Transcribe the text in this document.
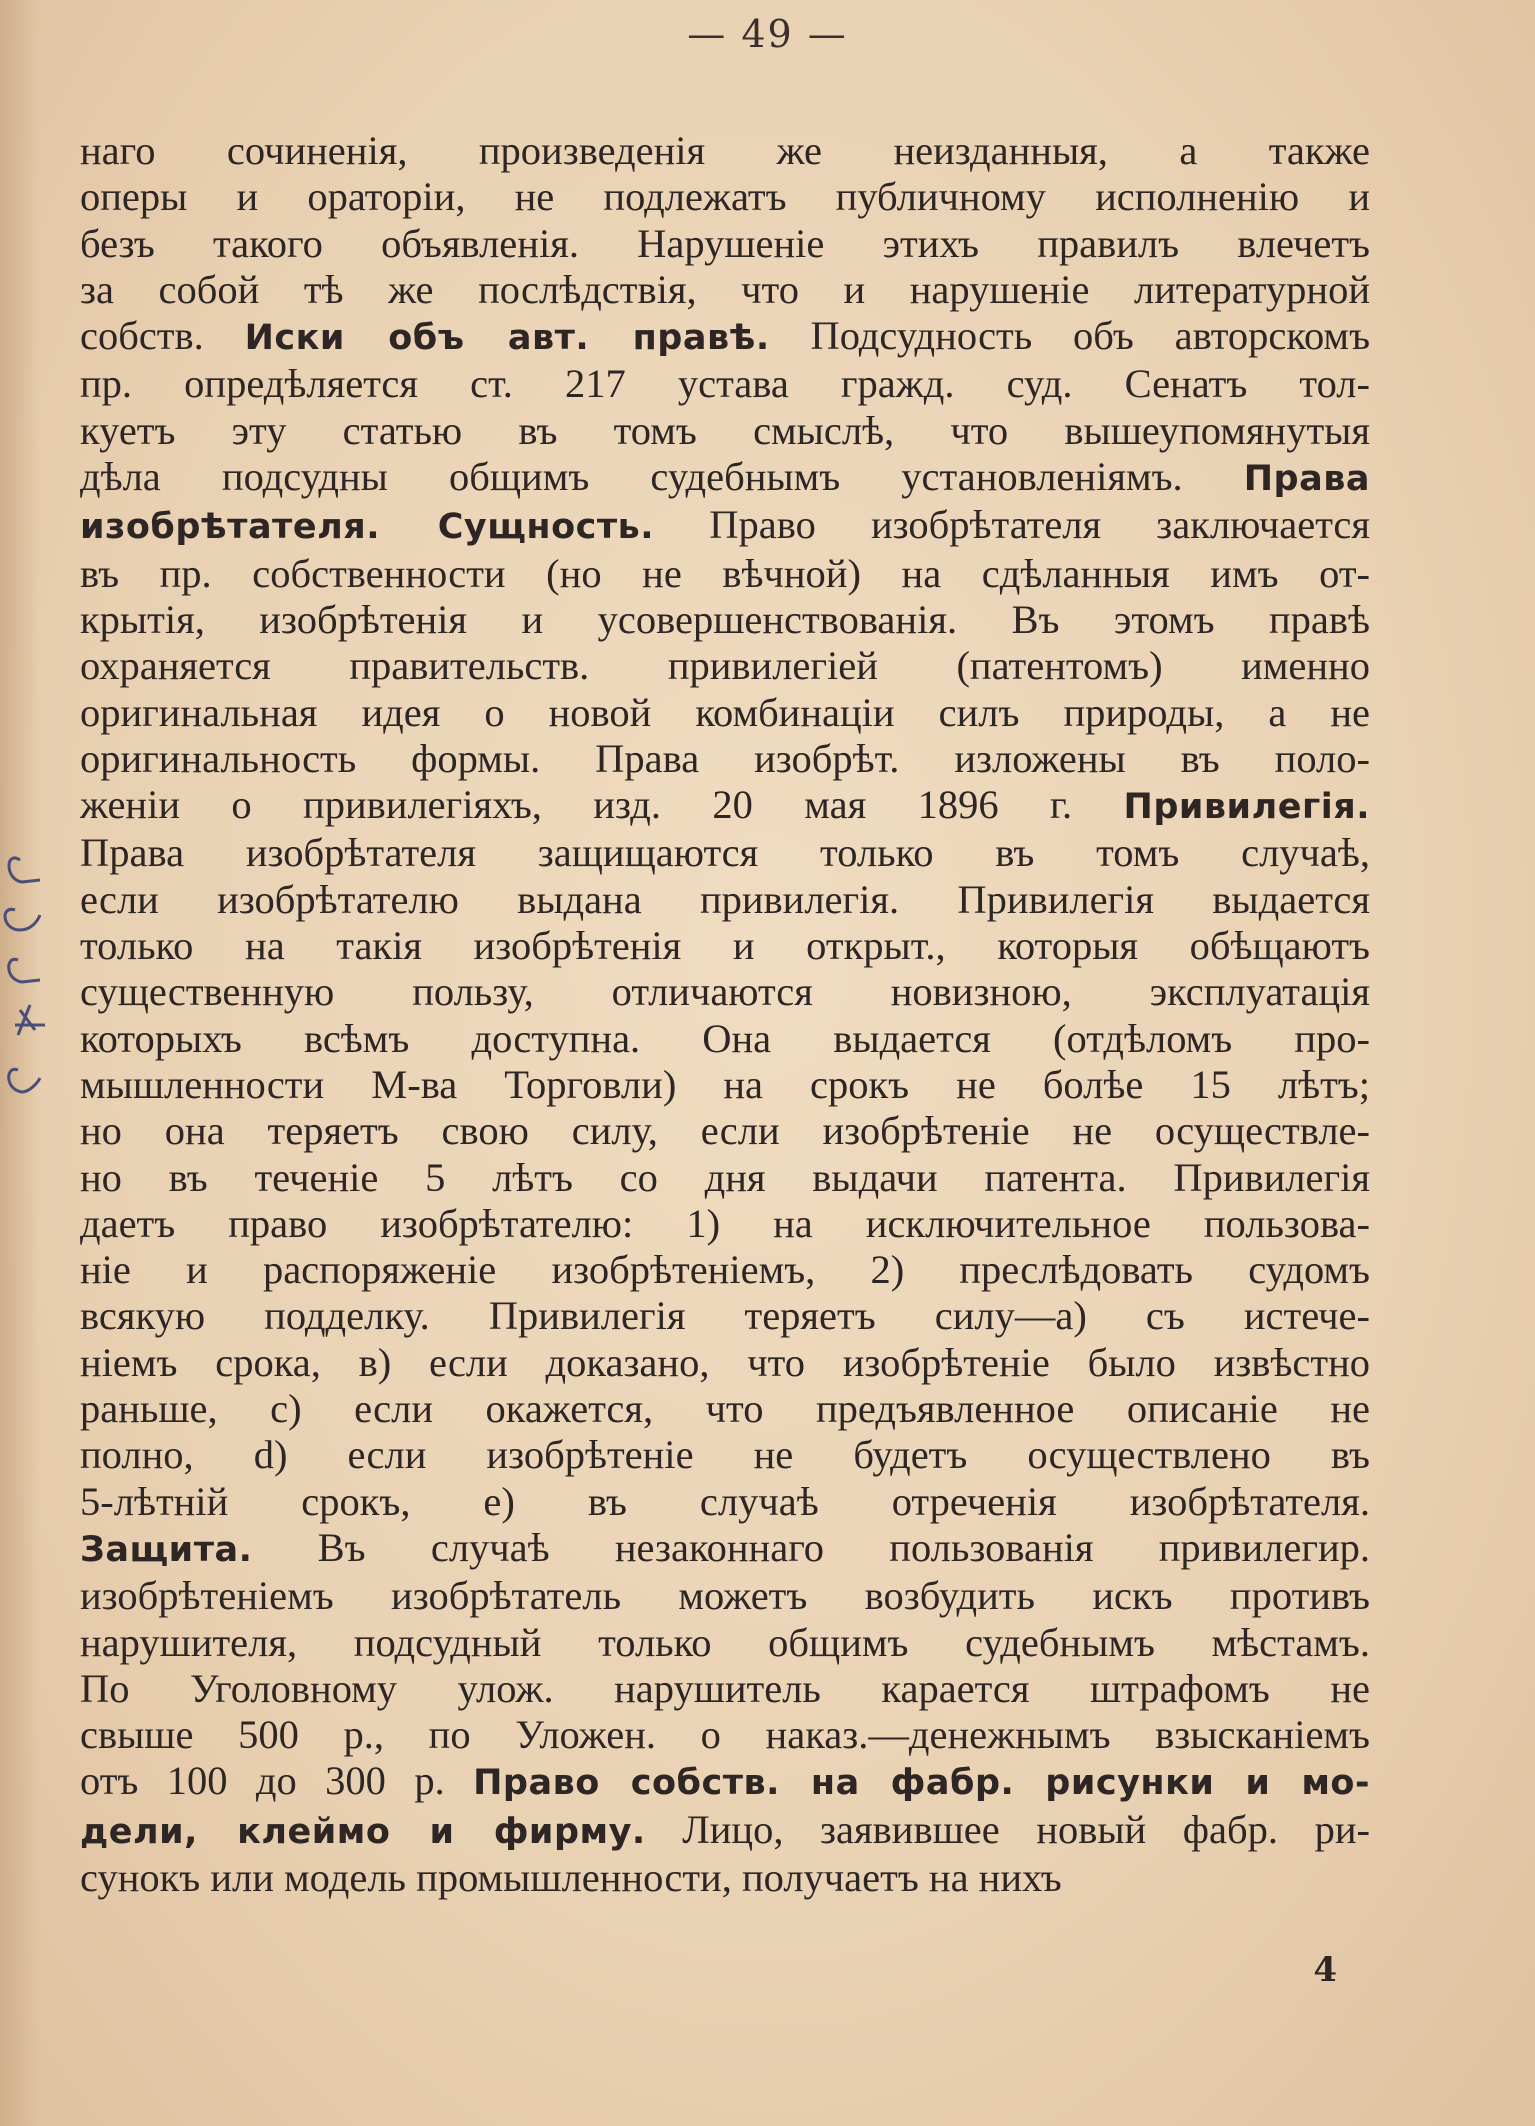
— 49 —
наго сочиненія, произведенія же неизданныя, а также
оперы и ораторіи, не подлежатъ публичному исполненію и
безъ такого объявленія. Нарушеніе этихъ правилъ влечетъ
за собой тѣ же послѣдствія, что и нарушеніе литературной
собств. Иски объ авт. правѣ. Подсудность объ авторскомъ
пр. опредѣляется ст. 217 устава гражд. суд. Сенатъ тол-
куетъ эту статью въ томъ смыслѣ, что вышеупомянутыя
дѣла подсудны общимъ судебнымъ установленіямъ. Права
изобрѣтателя. Сущность. Право изобрѣтателя заключается
въ пр. собственности (но не вѣчной) на сдѣланныя имъ от-
крытія, изобрѣтенія и усовершенствованія. Въ этомъ правѣ
охраняется правительств. привилегіей (патентомъ) именно
оригинальная идея о новой комбинаціи силъ природы, а не
оригинальность формы. Права изобрѣт. изложены въ поло-
женіи о привилегіяхъ, изд. 20 мая 1896 г. Привилегія.
Права изобрѣтателя защищаются только въ томъ случаѣ,
если изобрѣтателю выдана привилегія. Привилегія выдается
только на такія изобрѣтенія и открыт., которыя обѣщаютъ
существенную пользу, отличаются новизною, эксплуатація
которыхъ всѣмъ доступна. Она выдается (отдѣломъ про-
мышленности М-ва Торговли) на срокъ не болѣе 15 лѣтъ;
но она теряетъ свою силу, если изобрѣтеніе не осуществле-
но въ теченіе 5 лѣтъ со дня выдачи патента. Привилегія
даетъ право изобрѣтателю: 1) на исключительное пользова-
ніе и распоряженіе изобрѣтеніемъ, 2) преслѣдовать судомъ
всякую подделку. Привилегія теряетъ силу—а) съ истече-
ніемъ срока, в) если доказано, что изобрѣтеніе было извѣстно
раньше, с) если окажется, что предъявленное описаніе не
полно, d) если изобрѣтеніе не будетъ осуществлено въ
5-лѣтній срокъ, е) въ случаѣ отреченія изобрѣтателя.
Защита. Въ случаѣ незаконнаго пользованія привилегир.
изобрѣтеніемъ изобрѣтатель можетъ возбудить искъ противъ
нарушителя, подсудный только общимъ судебнымъ мѣстамъ.
По Уголовному улож. нарушитель карается штрафомъ не
свыше 500 р., по Уложен. о наказ.—денежнымъ взысканіемъ
отъ 100 до 300 р. Право собств. на фабр. рисунки и мо-
дели, клеймо и фирму. Лицо, заявившее новый фабр. ри-
сунокъ или модель промышленности, получаетъ на нихъ
4
